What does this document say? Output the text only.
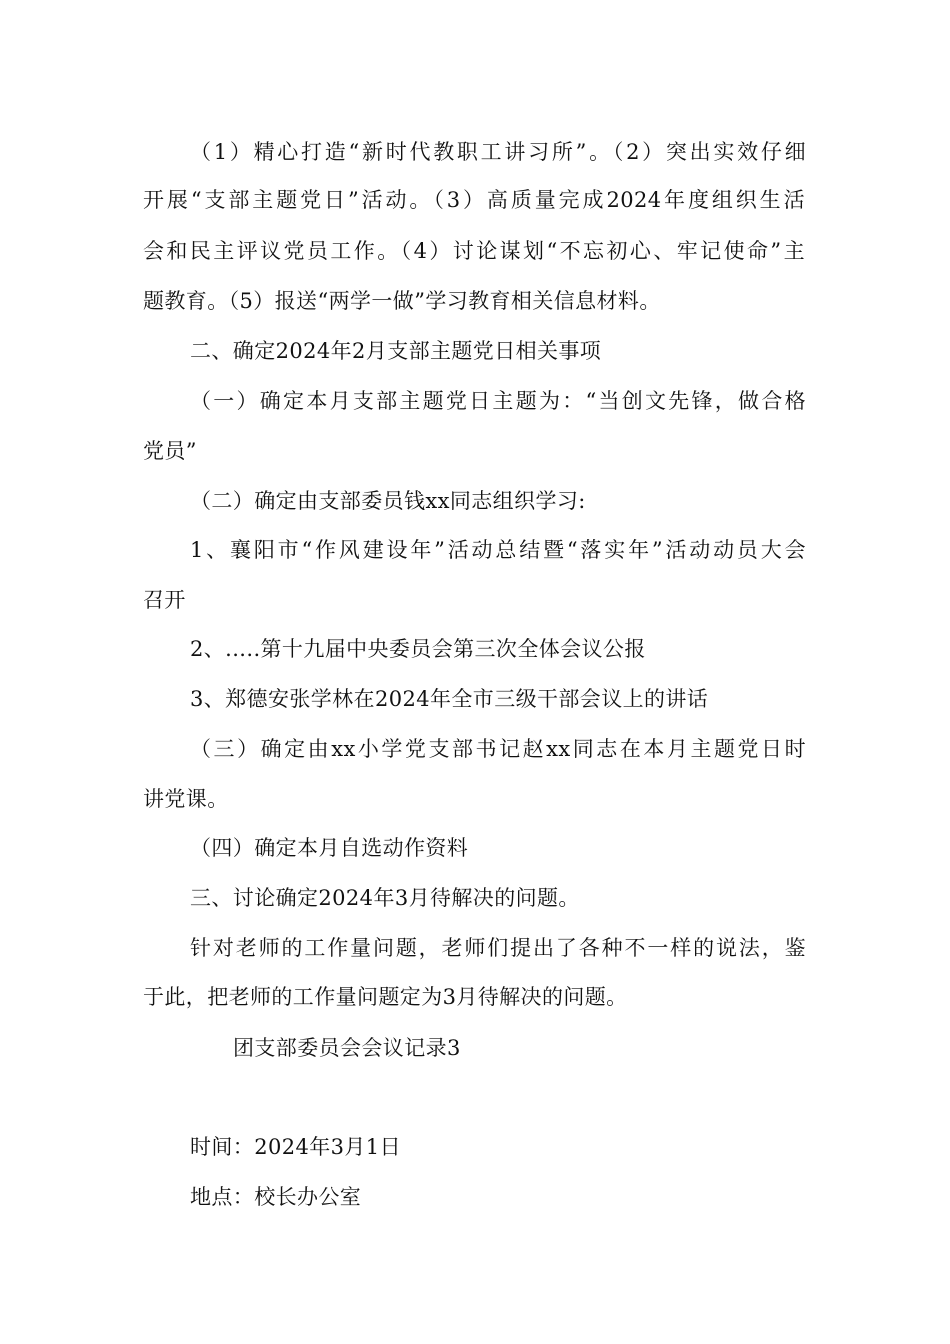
（1）精心打造“新时代教职工讲习所”。（2）突出实效仔细
开展“支部主题党日”活动。（3）高质量完成2024年度组织生活
会和民主评议党员工作。（4）讨论谋划“不忘初心、牢记使命”主
题教育。（5）报送“两学一做”学习教育相关信息材料。
二、确定2024年2月支部主题党日相关事项
（一）确定本月支部主题党日主题为：“当创文先锋，做合格
党员”
（二）确定由支部委员钱xx同志组织学习:
1、襄阳市“作风建设年”活动总结暨“落实年”活动动员大会
召开
2、.....第十九届中央委员会第三次全体会议公报
3、郑德安张学林在2024年全市三级干部会议上的讲话
（三）确定由xx小学党支部书记赵xx同志在本月主题党日时
讲党课。
（四）确定本月自选动作资料
三、讨论确定2024年3月待解决的问题。
针对老师的工作量问题，老师们提出了各种不一样的说法，鉴
于此，把老师的工作量问题定为3月待解决的问题。
团支部委员会会议记录3
时间：2024年3月1日
地点：校长办公室
